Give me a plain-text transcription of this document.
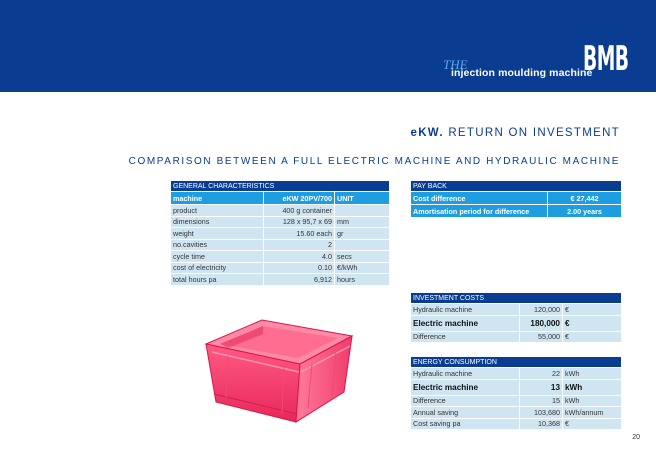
THE
injection moulding machine
BMB
eKW. RETURN ON INVESTMENT
COMPARISON BETWEEN A FULL ELECTRIC MACHINE AND HYDRAULIC MACHINE
GENERAL CHARACTERISTICS		
machine	eKW 20PV/700	UNIT
product	400 g container	
dimensions	128 x 95,7 x 69	mm
weight	15.60 each	gr
no.cavities	2	
cycle time	4.0	secs
cost of electricity	0.10	€/kWh
total hours pa	6,912	hours
PAY BACK	
Cost difference	€ 27,442
Amortisation period for difference	2.00 years
INVESTMENT COSTS		
Hydraulic machine	120,000	€
Electric machine	180,000	€
Difference	55,000	€
ENERGY CONSUMPTION		
Hydraulic machine	22	kWh
Electric machine	13	kWh
Difference	15	kWh
Annual saving	103,680	kWh/annum
Cost saving pa	10,368	€
20
